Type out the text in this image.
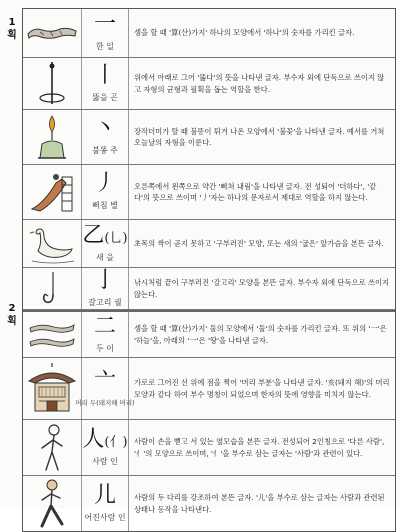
1 획
2 획
一
한 일
셈을 할 때 '算(산)가지' 하나의 모양에서 '하나'의 숫자를 가리킨 글자.
丨
뚫을 곤
위에서 아래로 그어 '뚫다'의 뜻을 나타낸 글자. 부수자 외에 단독으로 쓰이지 않고 자형의 균형과 필획을 돕는 역할을 한다.
丶
불똥 주
장작더미가 탈 때 불똥이 튀겨 나온 모양에서 '불꽃'을 나타낸 글자. 예서를 거쳐 오늘날의 자형을 이룬다.
丿
삐침 별
오른쪽에서 왼쪽으로 약간 '삐쳐 내림'을 나타낸 글자. 전 성퇴어 '더하다', '같다'의 뜻으로 쓰이며 '丿'자는 하나의 문자로서 제대로 역할을 하지 않는다.
乙(乚)
새 을
초목의 싹이 곧지 못하고 '구부러진' 모양, 또는 새의 '굽은' 앞가슴을 본뜬 글자.
亅
갈고리 궐
낚시처럼 끝이 구부러진 '갈고리' 모양을 본뜬 글자. 부수자 외에 단독으로 쓰이지 않는다.
二
두 이
셈을 할 때 '算(산)가지' 둘의 모양에서 '둘'의 숫자를 가리킨 글자. 또 위의 '一'은 '하늘'을, 아래의 '一'은 '땅'을 나타낸 글자.
亠
머리 두(돼지해 머리)
가로로 그어진 선 위에 점을 찍어 '머리 부분'을 나타낸 글자. '亥(돼지 해)'의 머리 모양과 같다 하여 부수 명칭이 되었으며 한자의 뜻에 영향을 미치지 않는다.
人(亻)
사람 인
사람이 손을 뻗고 서 있는 옆모습을 본뜬 글자. 전성되어 2인칭으로 '다른 사람', '亻'의 모양으로 쓰이며, '亻'을 부수로 삼는 글자는 '사람'과 관련이 있다.
儿
어진사람 인
사람의 두 다리를 강조하여 본뜬 글자. '儿'을 부수로 삼는 글자는 사람과 관련된 상태나 동작을 나타낸다.
